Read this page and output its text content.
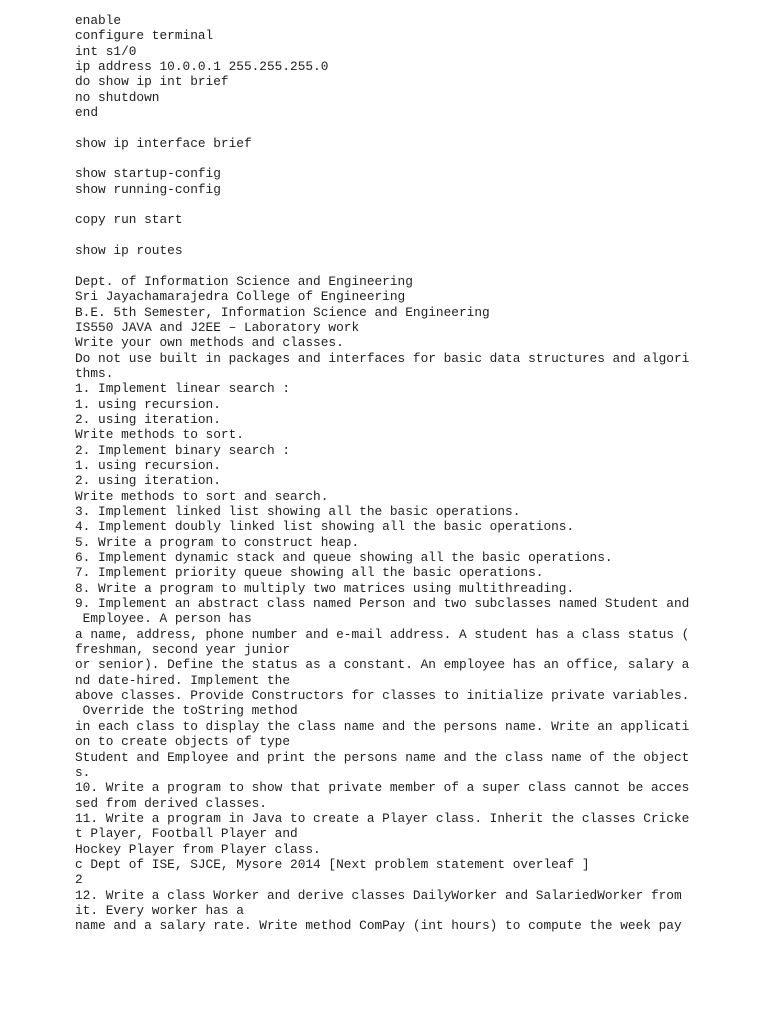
enable
configure terminal
int s1/0
ip address 10.0.0.1 255.255.255.0
do show ip int brief
no shutdown
end
show ip interface brief
show startup-config
show running-config
copy run start
show ip routes
Dept. of Information Science and Engineering
Sri Jayachamarajedra College of Engineering
B.E. 5th Semester, Information Science and Engineering
IS550 JAVA and J2EE – Laboratory work
Write your own methods and classes.
Do not use built in packages and interfaces for basic data structures and algori
thms.
1. Implement linear search :
1. using recursion.
2. using iteration.
Write methods to sort.
2. Implement binary search :
1. using recursion.
2. using iteration.
Write methods to sort and search.
3. Implement linked list showing all the basic operations.
4. Implement doubly linked list showing all the basic operations.
5. Write a program to construct heap.
6. Implement dynamic stack and queue showing all the basic operations.
7. Implement priority queue showing all the basic operations.
8. Write a program to multiply two matrices using multithreading.
9. Implement an abstract class named Person and two subclasses named Student and
Employee. A person has
a name, address, phone number and e-mail address. A student has a class status (
freshman, second year junior
or senior). Define the status as a constant. An employee has an office, salary a
nd date-hired. Implement the
above classes. Provide Constructors for classes to initialize private variables.
Override the toString method
in each class to display the class name and the persons name. Write an applicati
on to create objects of type
Student and Employee and print the persons name and the class name of the object
s.
10. Write a program to show that private member of a super class cannot be acces
sed from derived classes.
11. Write a program in Java to create a Player class. Inherit the classes Cricke
t Player, Football Player and
Hockey Player from Player class.
c Dept of ISE, SJCE, Mysore 2014 [Next problem statement overleaf ]
2
12. Write a class Worker and derive classes DailyWorker and SalariedWorker from
it. Every worker has a
name and a salary rate. Write method ComPay (int hours) to compute the week pay
